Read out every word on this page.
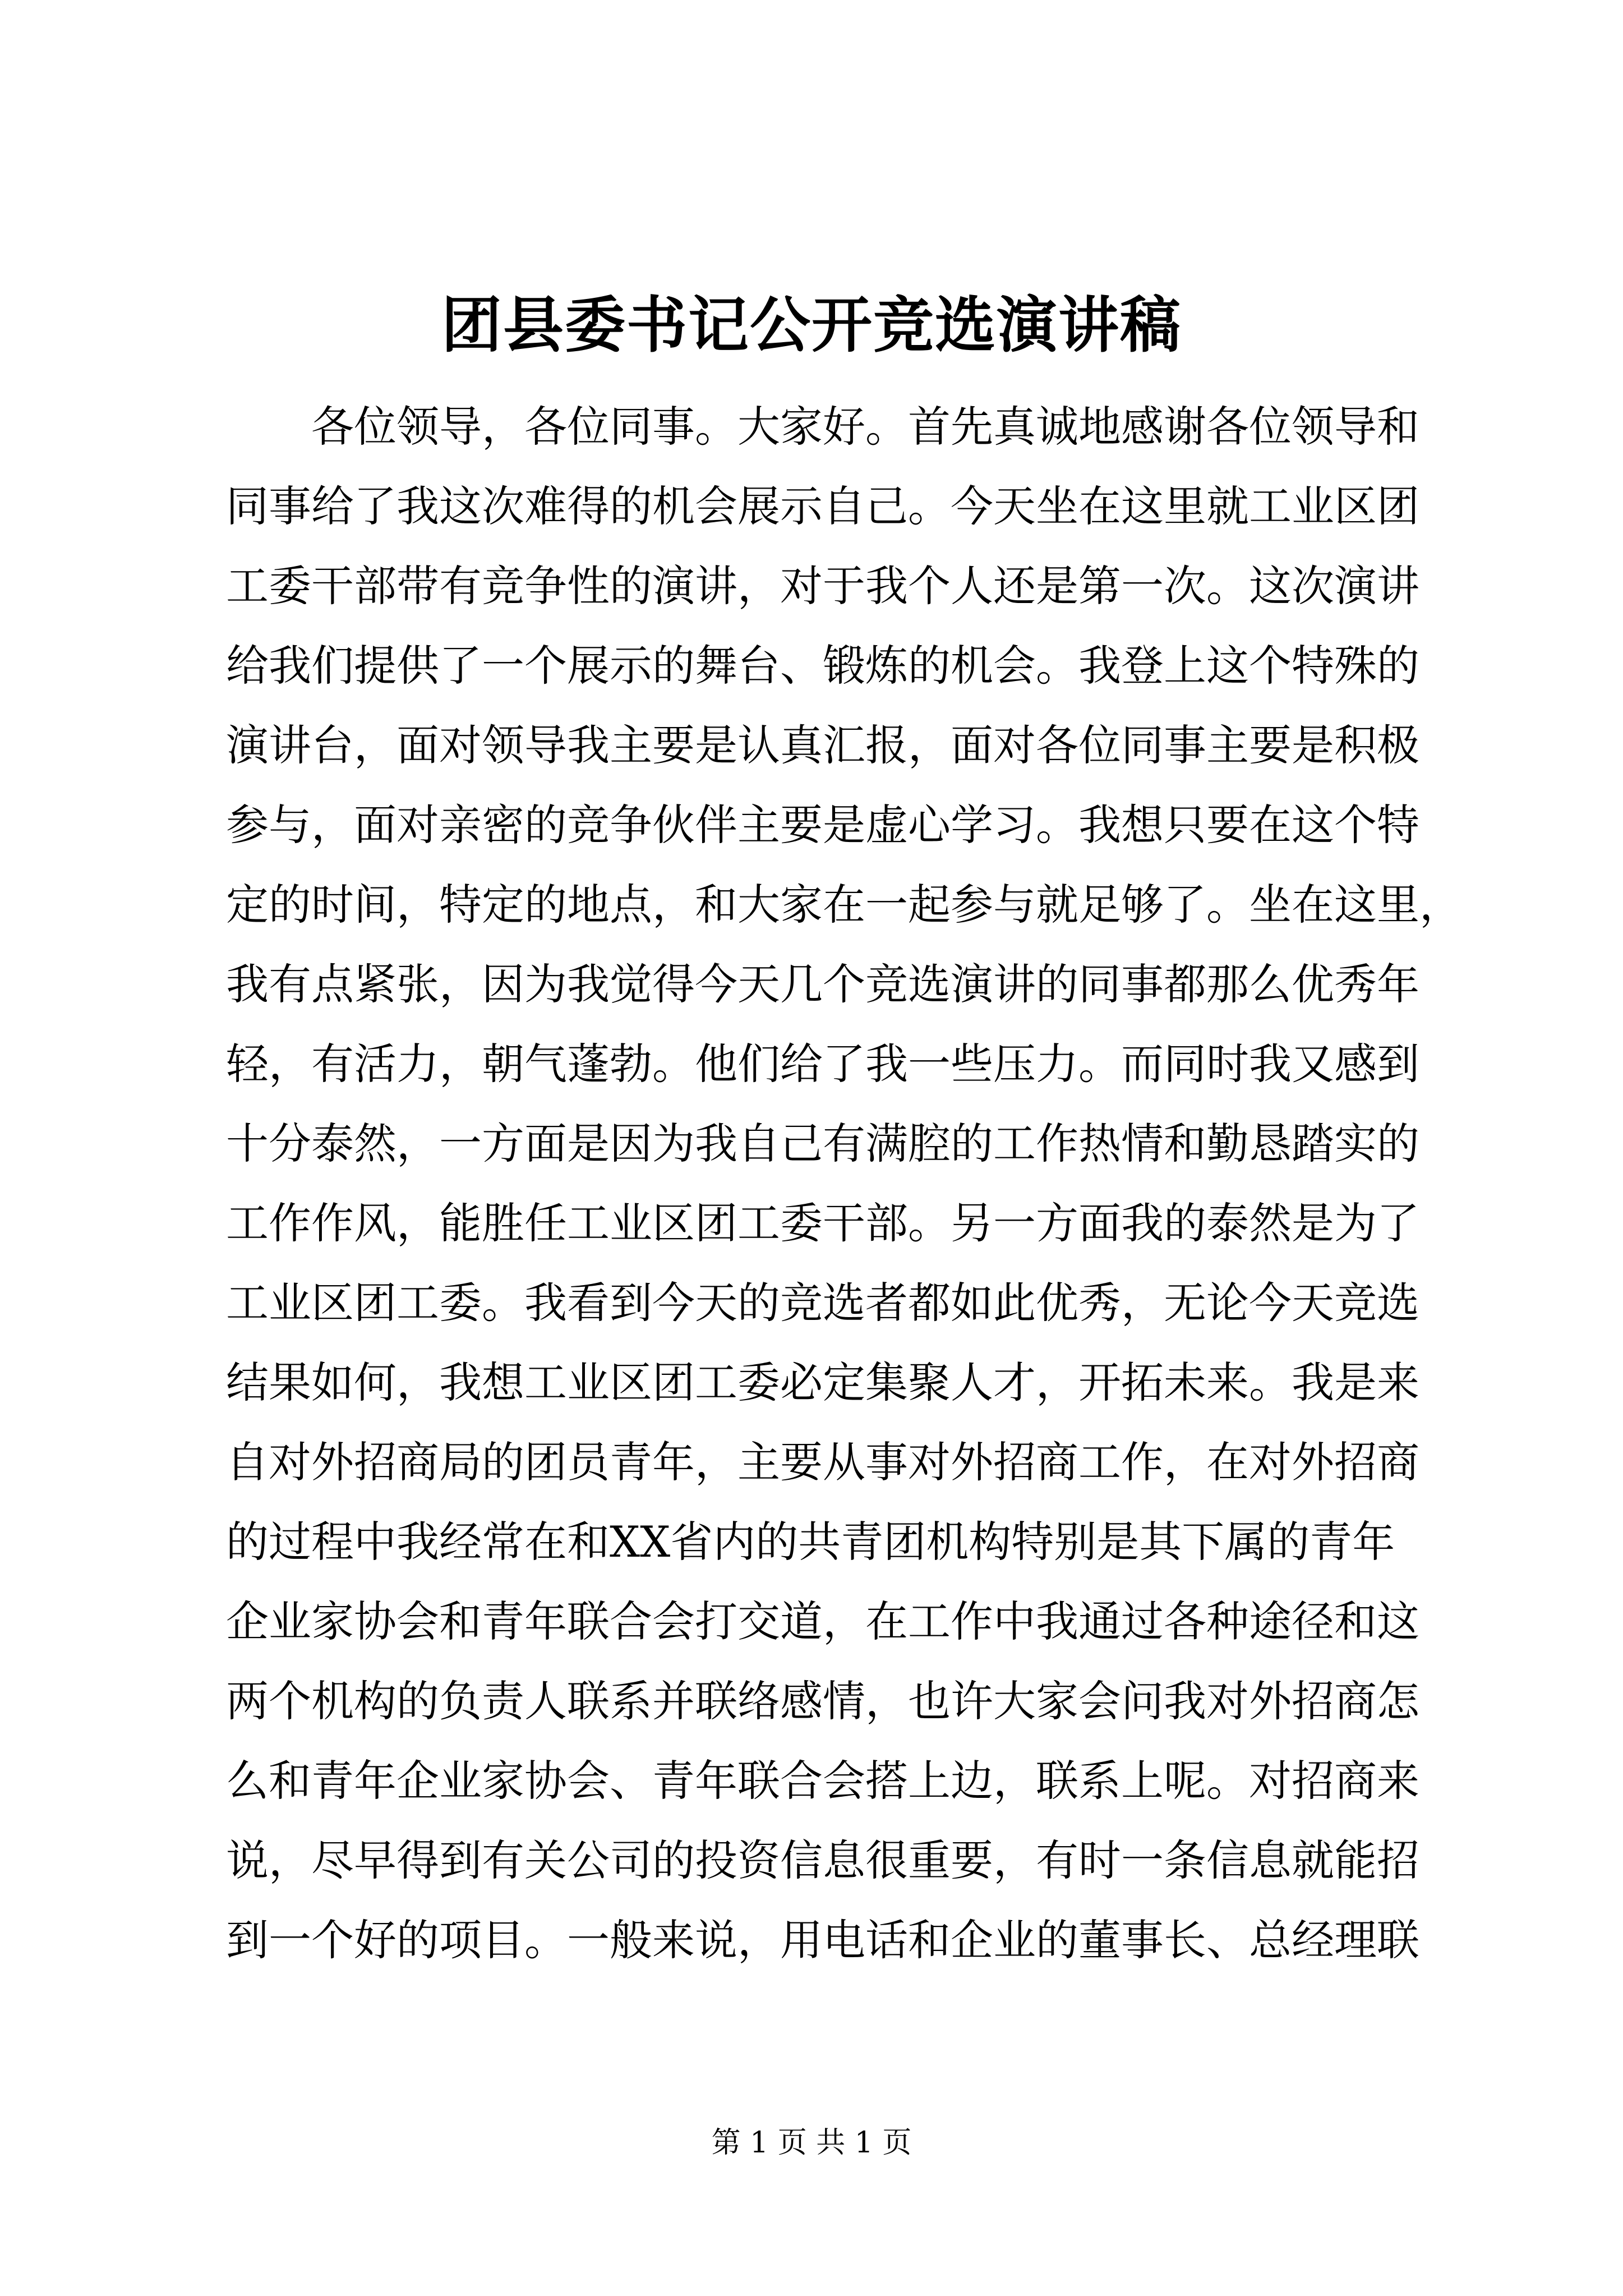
团县委书记公开竞选演讲稿
各位领导，各位同事。大家好。首先真诚地感谢各位领导和
同事给了我这次难得的机会展示自己。今天坐在这里就工业区团
工委干部带有竞争性的演讲，对于我个人还是第一次。这次演讲
给我们提供了一个展示的舞台、锻炼的机会。我登上这个特殊的
演讲台，面对领导我主要是认真汇报，面对各位同事主要是积极
参与，面对亲密的竞争伙伴主要是虚心学习。我想只要在这个特
定的时间，特定的地点，和大家在一起参与就足够了。坐在这里，
我有点紧张，因为我觉得今天几个竞选演讲的同事都那么优秀年
轻，有活力，朝气蓬勃。他们给了我一些压力。而同时我又感到
十分泰然，一方面是因为我自己有满腔的工作热情和勤恳踏实的
工作作风，能胜任工业区团工委干部。另一方面我的泰然是为了
工业区团工委。我看到今天的竞选者都如此优秀，无论今天竞选
结果如何，我想工业区团工委必定集聚人才，开拓未来。我是来
自对外招商局的团员青年，主要从事对外招商工作，在对外招商
的过程中我经常在和XX省内的共青团机构特别是其下属的青年
企业家协会和青年联合会打交道，在工作中我通过各种途径和这
两个机构的负责人联系并联络感情，也许大家会问我对外招商怎
么和青年企业家协会、青年联合会搭上边，联系上呢。对招商来
说，尽早得到有关公司的投资信息很重要，有时一条信息就能招
到一个好的项目。一般来说，用电话和企业的董事长、总经理联
第 1 页 共 1 页
